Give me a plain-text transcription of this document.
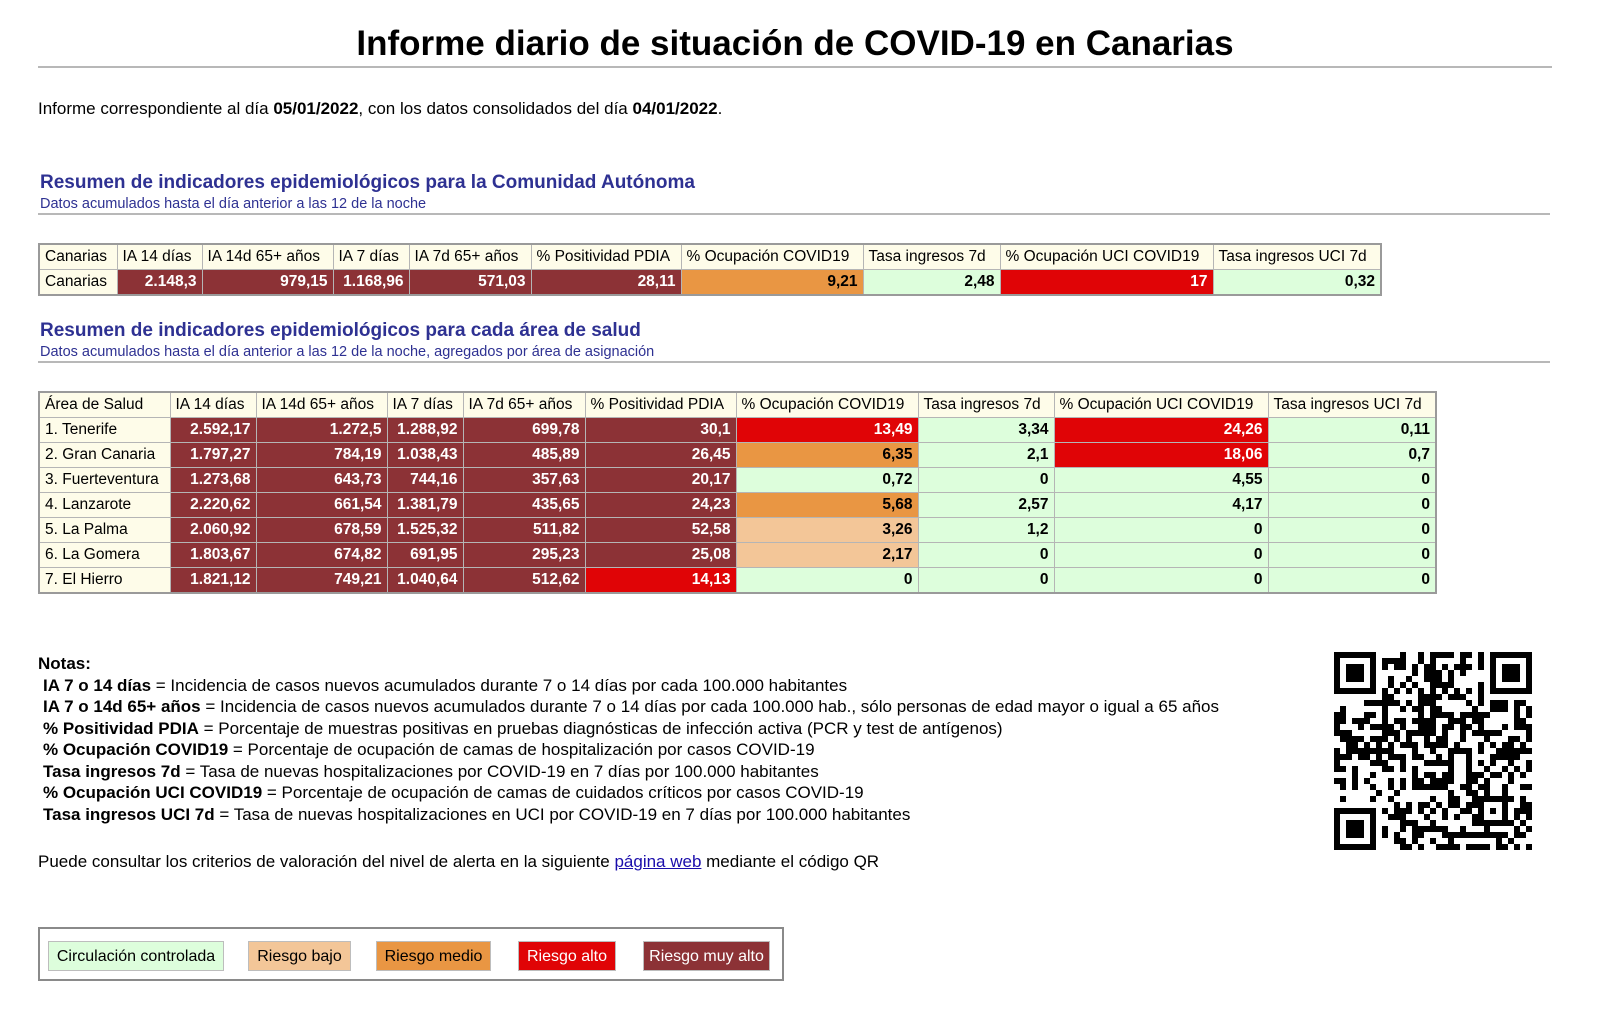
Informe diario de situación de COVID-19 en Canarias
Informe correspondiente al día 05/01/2022, con los datos consolidados del día 04/01/2022.
Resumen de indicadores epidemiológicos para la Comunidad Autónoma
Datos acumulados hasta el día anterior a las 12 de la noche
Canarias	IA 14 días	IA 14d 65+ años	IA 7 días	IA 7d 65+ años	% Positividad PDIA	% Ocupación COVID19	Tasa ingresos 7d	% Ocupación UCI COVID19	Tasa ingresos UCI 7d
Canarias	2.148,3	979,15	1.168,96	571,03	28,11	9,21	2,48	17	0,32
Resumen de indicadores epidemiológicos para cada área de salud
Datos acumulados hasta el día anterior a las 12 de la noche, agregados por área de asignación
Área de Salud	IA 14 días	IA 14d 65+ años	IA 7 días	IA 7d 65+ años	% Positividad PDIA	% Ocupación COVID19	Tasa ingresos 7d	% Ocupación UCI COVID19	Tasa ingresos UCI 7d
1. Tenerife	2.592,17	1.272,5	1.288,92	699,78	30,1	13,49	3,34	24,26	0,11
2. Gran Canaria	1.797,27	784,19	1.038,43	485,89	26,45	6,35	2,1	18,06	0,7
3. Fuerteventura	1.273,68	643,73	744,16	357,63	20,17	0,72	0	4,55	0
4. Lanzarote	2.220,62	661,54	1.381,79	435,65	24,23	5,68	2,57	4,17	0
5. La Palma	2.060,92	678,59	1.525,32	511,82	52,58	3,26	1,2	0	0
6. La Gomera	1.803,67	674,82	691,95	295,23	25,08	2,17	0	0	0
7. El Hierro	1.821,12	749,21	1.040,64	512,62	14,13	0	0	0	0
Notas:
IA 7 o 14 días = Incidencia de casos nuevos acumulados durante 7 o 14 días por cada 100.000 habitantes
IA 7 o 14d 65+ años = Incidencia de casos nuevos acumulados durante 7 o 14 días por cada 100.000 hab., sólo personas de edad mayor o igual a 65 años
% Positividad PDIA = Porcentaje de muestras positivas en pruebas diagnósticas de infección activa (PCR y test de antígenos)
% Ocupación COVID19 = Porcentaje de ocupación de camas de hospitalización por casos COVID-19
Tasa ingresos 7d = Tasa de nuevas hospitalizaciones por COVID-19 en 7 días por 100.000 habitantes
% Ocupación UCI COVID19 = Porcentaje de ocupación de camas de cuidados críticos por casos COVID-19
Tasa ingresos UCI 7d = Tasa de nuevas hospitalizaciones en UCI por COVID-19 en 7 días por 100.000 habitantes
Puede consultar los criterios de valoración del nivel de alerta en la siguiente página web mediante el código QR
Circulación controlada	Riesgo bajo	Riesgo medio	Riesgo alto	Riesgo muy alto
